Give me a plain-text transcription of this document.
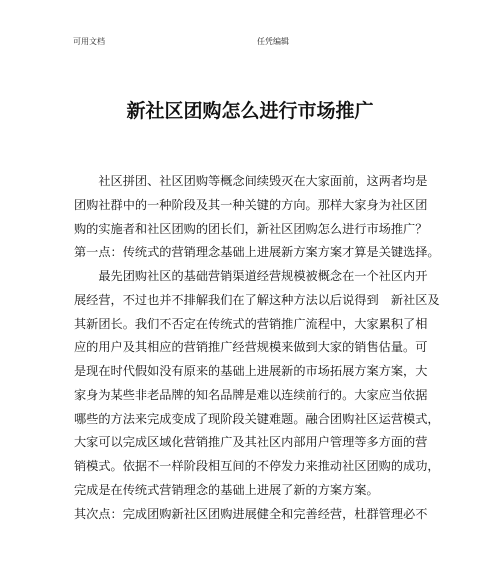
可用文档	任凭编辑
新社区团购怎么进行市场推广
　　社区拼团、社区团购等概念间续毁灭在大家面前，这两者均是
团购社群中的一种阶段及其一种关键的方向。那样大家身为社区团
购的实施者和社区团购的团长们，新社区团购怎么进行市场推广？
第一点：传统式的营销理念基础上进展新方案方案才算是关键选择。
　　最先团购社区的基础营销渠道经营规模被概念在一个社区内开
展经营，不过也并不排解我们在了解这种方法以后说得到　新社区及
其新团长。我们不否定在传统式的营销推广流程中，大家累积了相
应的用户及其相应的营销推广经营规模来做到大家的销售估量。可
是现在时代假如没有原来的基础上进展新的市场拓展方案方案，大
家身为某些非老品牌的知名品牌是难以连续前行的。大家应当依据
哪些的方法来完成变成了现阶段关键难题。融合团购社区运营模式，
大家可以完成区域化营销推广及其社区内部用户管理等多方面的营
销模式。依据不一样阶段相互间的不停发力来推动社区团购的成功，
完成是在传统式营销理念的基础上进展了新的方案方案。
其次点：完成团购新社区团购进展健全和完善经营，杜群管理必不
